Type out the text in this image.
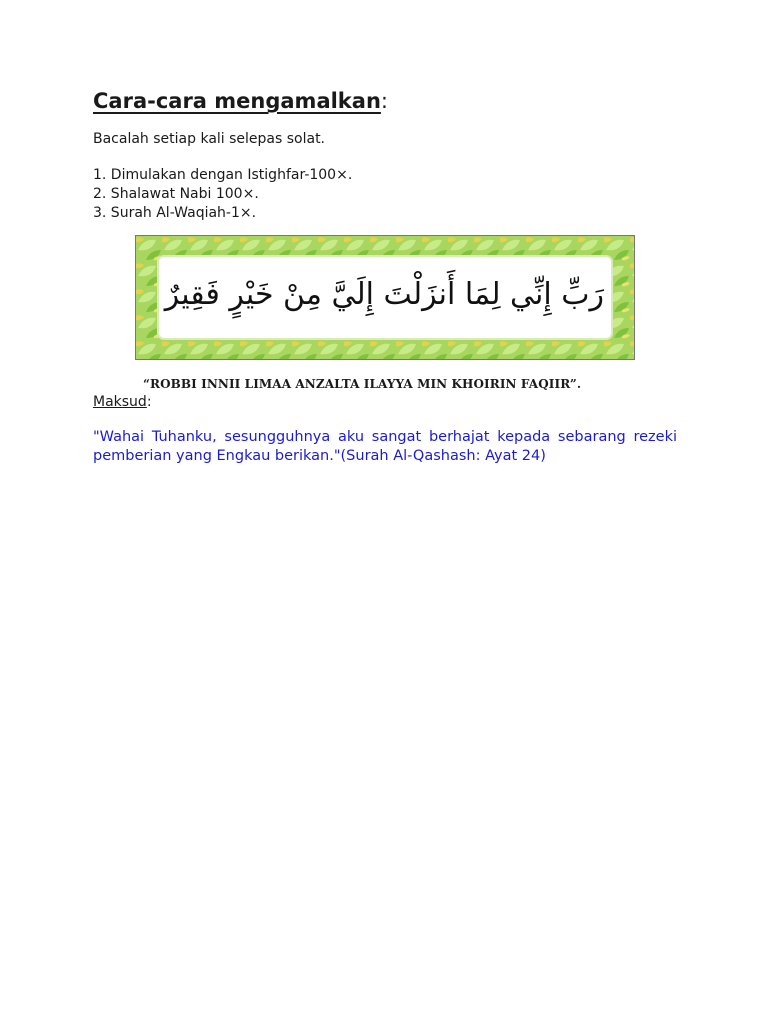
Cara-cara mengamalkan:

Bacalah setiap kali selepas solat.

1. Dimulakan dengan Istighfar-100×.
2. Shalawat Nabi 100×.
3. Surah Al-Waqiah-1×.
رَبِّ إِنِّي لِمَا أَنزَلْتَ إِلَيَّ مِنْ خَيْرٍ فَقِيرٌ
“ROBBI INNII LIMAA ANZALTA ILAYYA MIN KHOIRIN FAQIIR”.
Maksud:

"Wahai Tuhanku, sesungguhnya aku sangat berhajat kepada sebarang rezeki pemberian yang Engkau berikan."(Surah Al-Qashash: Ayat 24)
